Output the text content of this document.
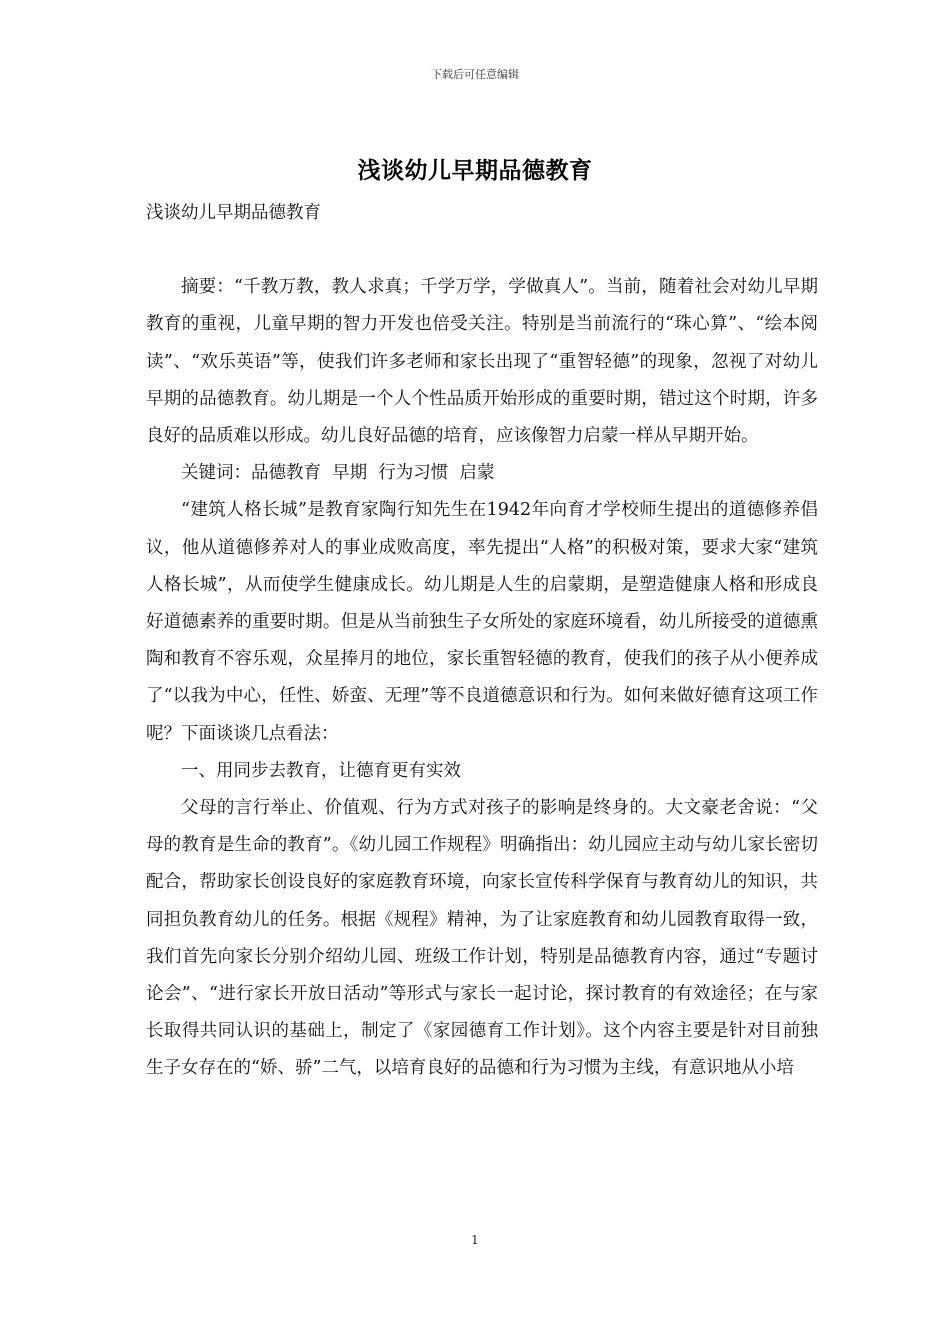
下载后可任意编辑
浅谈幼儿早期品德教育

浅谈幼儿早期品德教育

摘要：“千教万教，教人求真；千学万学，学做真人”。当前，随着社会对幼儿早期教育的重视，儿童早期的智力开发也倍受关注。特别是当前流行的“珠心算”、“绘本阅读”、“欢乐英语”等，使我们许多老师和家长出现了“重智轻德”的现象，忽视了对幼儿早期的品德教育。幼儿期是一个人个性品质开始形成的重要时期，错过这个时期，许多良好的品质难以形成。幼儿良好品德的培育，应该像智力启蒙一样从早期开始。

关键词：品德教育  早期  行为习惯  启蒙

“建筑人格长城”是教育家陶行知先生在1942年向育才学校师生提出的道德修养倡议，他从道德修养对人的事业成败高度，率先提出“人格”的积极对策，要求大家“建筑人格长城”，从而使学生健康成长。幼儿期是人生的启蒙期，是塑造健康人格和形成良好道德素养的重要时期。但是从当前独生子女所处的家庭环境看，幼儿所接受的道德熏陶和教育不容乐观，众星捧月的地位，家长重智轻德的教育，使我们的孩子从小便养成了“以我为中心，任性、娇蛮、无理”等不良道德意识和行为。如何来做好德育这项工作呢？下面谈谈几点看法：

一、用同步去教育，让德育更有实效

父母的言行举止、价值观、行为方式对孩子的影响是终身的。大文豪老舍说：“父母的教育是生命的教育”。《幼儿园工作规程》明确指出：幼儿园应主动与幼儿家长密切配合，帮助家长创设良好的家庭教育环境，向家长宣传科学保育与教育幼儿的知识，共同担负教育幼儿的任务。根据《规程》精神，为了让家庭教育和幼儿园教育取得一致，我们首先向家长分别介绍幼儿园、班级工作计划，特别是品德教育内容，通过“专题讨论会”、“进行家长开放日活动”等形式与家长一起讨论，探讨教育的有效途径；在与家长取得共同认识的基础上，制定了《家园德育工作计划》。这个内容主要是针对目前独生子女存在的“娇、骄”二气，以培育良好的品德和行为习惯为主线，有意识地从小培

1
